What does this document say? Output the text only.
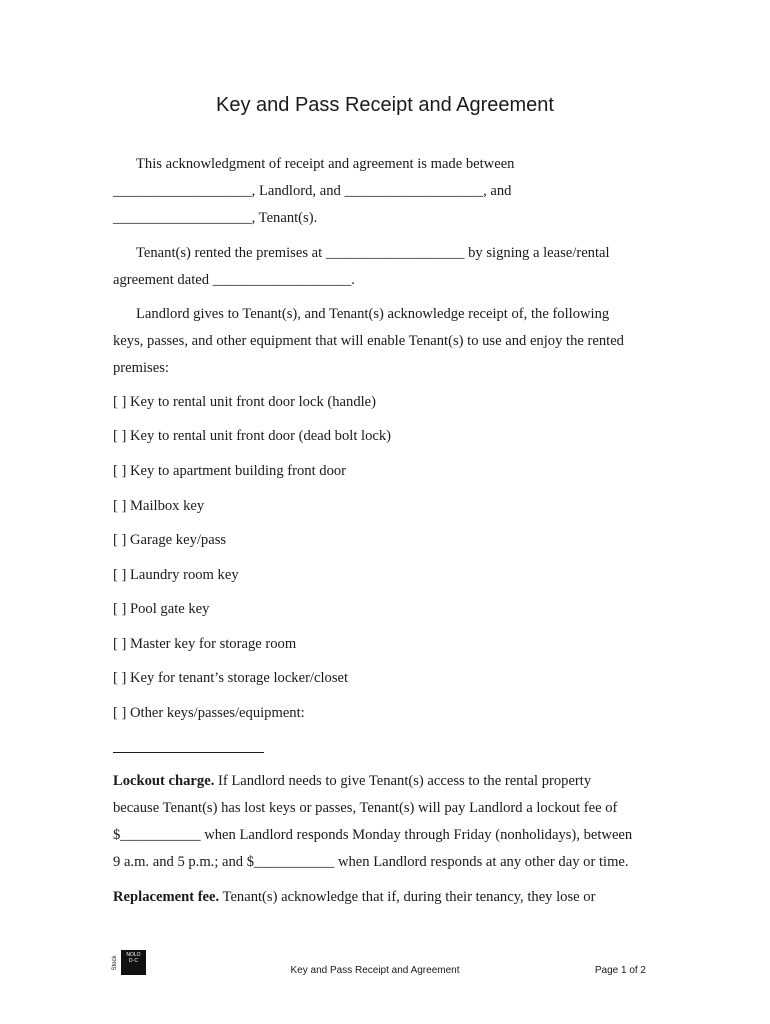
Key and Pass Receipt and Agreement

This acknowledgment of receipt and agreement is made between

___________________, Landlord, and ___________________, and

___________________, Tenant(s).

Tenant(s) rented the premises at ___________________ by signing a lease/rental

agreement dated ___________________.

Landlord gives to Tenant(s), and Tenant(s) acknowledge receipt of, the following

keys, passes, and other equipment that will enable Tenant(s) to use and enjoy the rented

premises:

[ ] Key to rental unit front door lock (handle)
[ ] Key to rental unit front door (dead bolt lock)
[ ] Key to apartment building front door
[ ] Mailbox key
[ ] Garage key/pass
[ ] Laundry room key
[ ] Pool gate key
[ ] Master key for storage room
[ ] Key for tenant’s storage locker/closet
[ ] Other keys/passes/equipment:

Lockout charge. If Landlord needs to give Tenant(s) access to the rental property

because Tenant(s) has lost keys or passes, Tenant(s) will pay Landlord a lockout fee of

$___________ when Landlord responds Monday through Friday (nonholidays), between

9 a.m. and 5 p.m.; and $___________ when Landlord responds at any other day or time.

Replacement fee. Tenant(s) acknowledge that if, during their tenancy, they lose or

Stock
NOLO
D·C
Key and Pass Receipt and Agreement	Page 1 of 2
